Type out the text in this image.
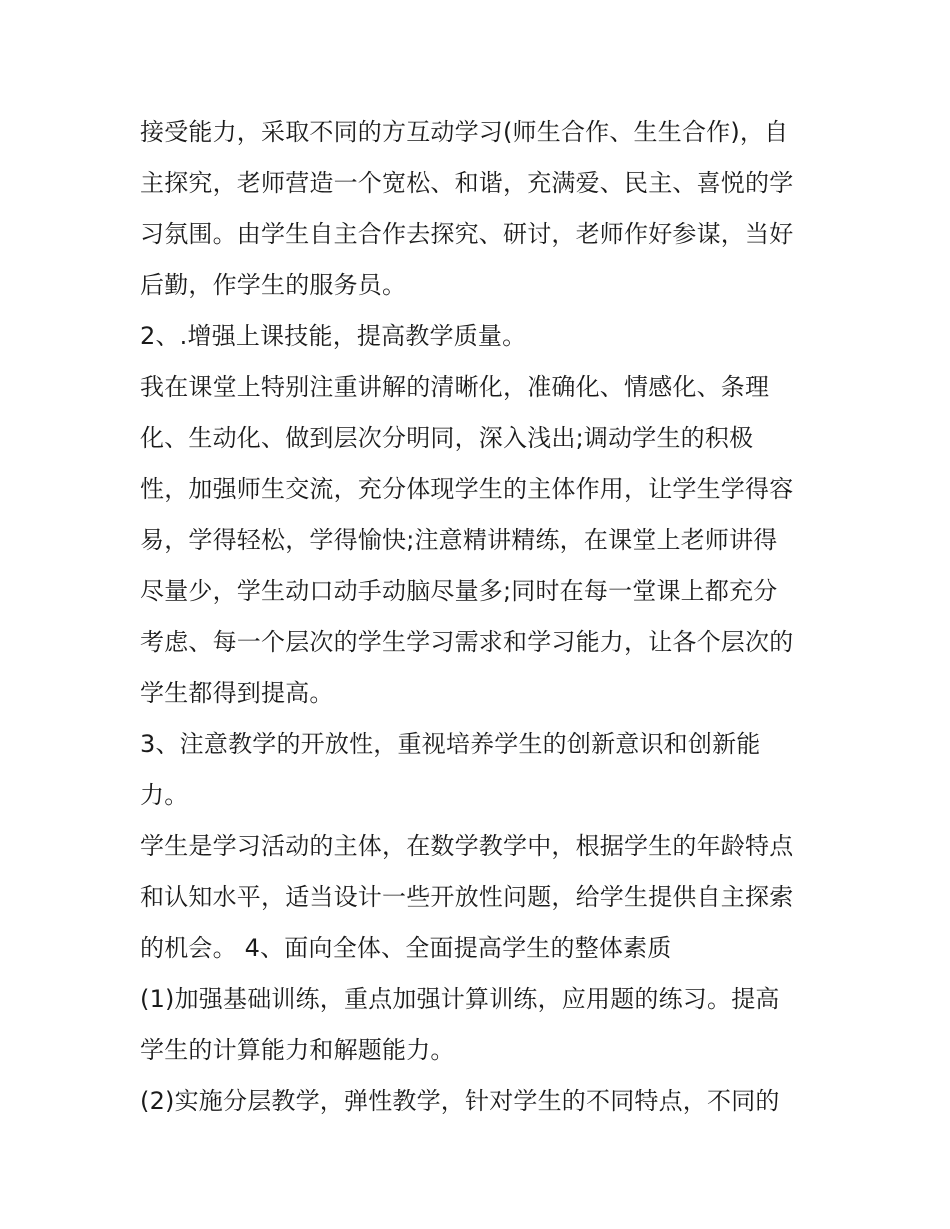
接受能力，采取不同的方互动学习(师生合作、生生合作)，自
主探究，老师营造一个宽松、和谐，充满爱、民主、喜悦的学
习氛围。由学生自主合作去探究、研讨，老师作好参谋，当好
后勤，作学生的服务员。
2、.增强上课技能，提高教学质量。
我在课堂上特别注重讲解的清晰化，准确化、情感化、条理
化、生动化、做到层次分明同，深入浅出;调动学生的积极
性，加强师生交流，充分体现学生的主体作用，让学生学得容
易，学得轻松，学得愉快;注意精讲精练，在课堂上老师讲得
尽量少，学生动口动手动脑尽量多;同时在每一堂课上都充分
考虑、每一个层次的学生学习需求和学习能力，让各个层次的
学生都得到提高。
3、注意教学的开放性，重视培养学生的创新意识和创新能
力。
学生是学习活动的主体，在数学教学中，根据学生的年龄特点
和认知水平，适当设计一些开放性问题，给学生提供自主探索
的机会。 4、面向全体、全面提高学生的整体素质
(1)加强基础训练，重点加强计算训练，应用题的练习。提高
学生的计算能力和解题能力。
(2)实施分层教学，弹性教学，针对学生的不同特点，不同的
